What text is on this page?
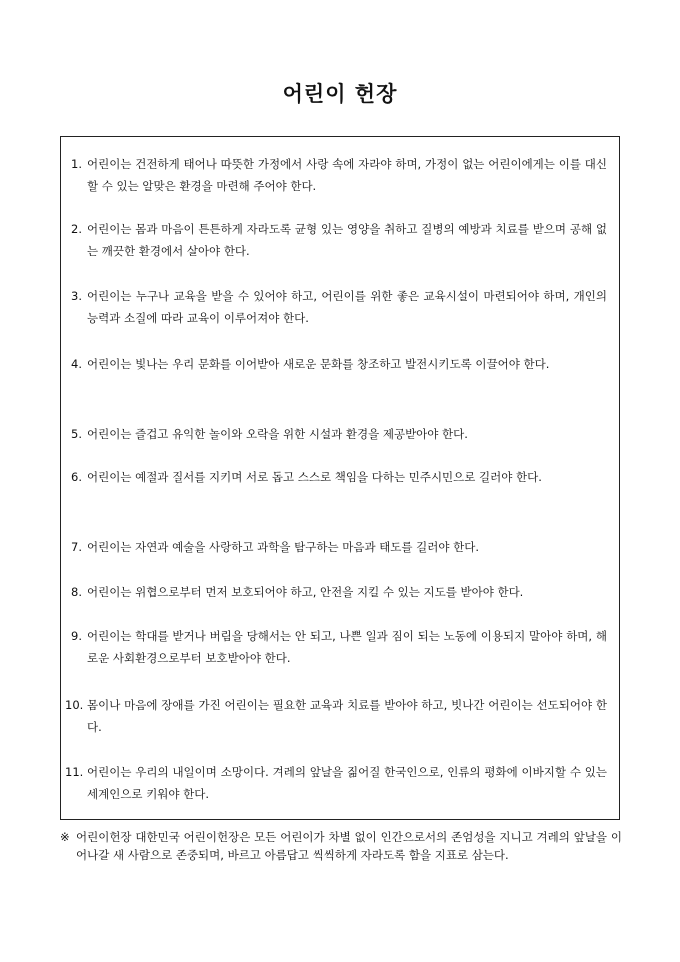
어린이 헌장
1. 어린이는 건전하게 태어나 따뜻한 가정에서 사랑 속에 자라야 하며, 가정이 없는 어린이에게는 이를 대신할 수 있는 알맞은 환경을 마련해 주어야 한다.
2. 어린이는 몸과 마음이 튼튼하게 자라도록 균형 있는 영양을 취하고 질병의 예방과 치료를 받으며 공해 없는 깨끗한 환경에서 살아야 한다.
3. 어린이는 누구나 교육을 받을 수 있어야 하고, 어린이를 위한 좋은 교육시설이 마련되어야 하며, 개인의 능력과 소질에 따라 교육이 이루어져야 한다.
4. 어린이는 빛나는 우리 문화를 이어받아 새로운 문화를 창조하고 발전시키도록 이끌어야 한다.
5. 어린이는 즐겁고 유익한 놀이와 오락을 위한 시설과 환경을 제공받아야 한다.
6. 어린이는 예절과 질서를 지키며 서로 돕고 스스로 책임을 다하는 민주시민으로 길러야 한다.
7. 어린이는 자연과 예술을 사랑하고 과학을 탐구하는 마음과 태도를 길러야 한다.
8. 어린이는 위협으로부터 먼저 보호되어야 하고, 안전을 지킬 수 있는 지도를 받아야 한다.
9. 어린이는 학대를 받거나 버림을 당해서는 안 되고, 나쁜 일과 짐이 되는 노동에 이용되지 말아야 하며, 해로운 사회환경으로부터 보호받아야 한다.
10. 몸이나 마음에 장애를 가진 어린이는 필요한 교육과 치료를 받아야 하고, 빗나간 어린이는 선도되어야 한다.
11. 어린이는 우리의 내일이며 소망이다. 겨레의 앞날을 짊어질 한국인으로, 인류의 평화에 이바지할 수 있는 세계인으로 키워야 한다.
※ 어린이헌장 대한민국 어린이헌장은 모든 어린이가 차별 없이 인간으로서의 존엄성을 지니고 겨레의 앞날을 이어나갈 새 사람으로 존중되며, 바르고 아름답고 씩씩하게 자라도록 함을 지표로 삼는다.
